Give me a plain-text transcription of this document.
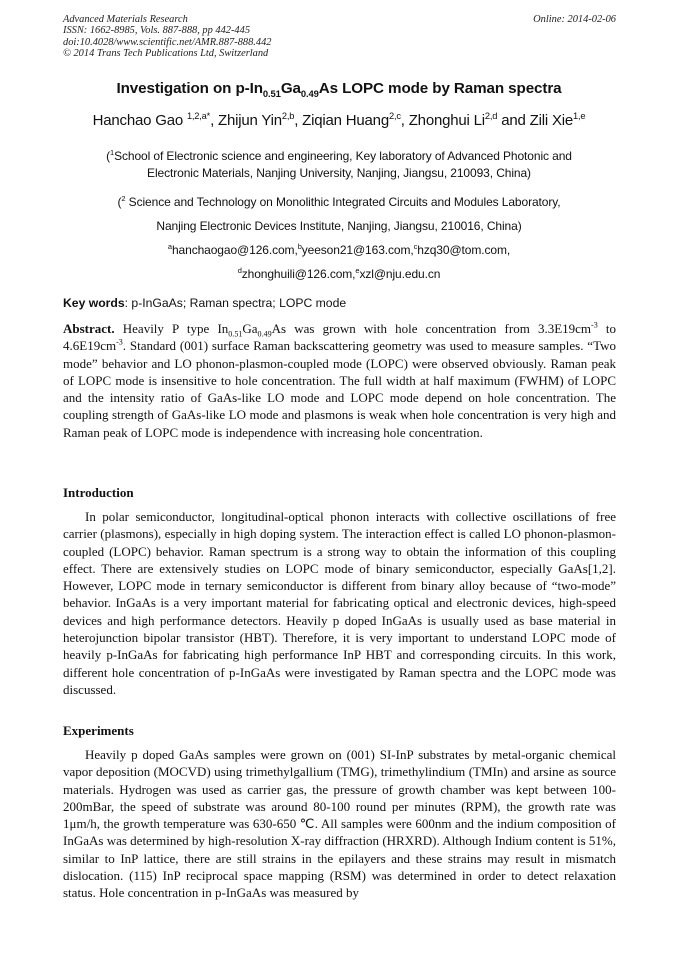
Advanced Materials Research
ISSN: 1662-8985, Vols. 887-888, pp 442-445
doi:10.4028/www.scientific.net/AMR.887-888.442
© 2014 Trans Tech Publications Ltd, Switzerland
Online: 2014-02-06
Investigation on $p-In_{0.51}Ga_{0.49}As$ LOPC mode by Raman spectra
Hanchao Gao $^{1,2,a*}$, Zhijun Yin$^{2,b}$, Ziqian Huang$^{2,c}$, Zhonghui Li$^{2,d}$ and Zili Xie$^{1,e}$
($^1$School of Electronic science and engineering, Key laboratory of Advanced Photonic and
Electronic Materials, Nanjing University, Nanjing, Jiangsu, 210093, China)
($^2$ Science and Technology on Monolithic Integrated Circuits and Modules Laboratory,
Nanjing Electronic Devices Institute, Nanjing, Jiangsu, 210016, China)
$^a$hanchaogao@126.com,$^b$yeeson21@163.com,$^c$hzq30@tom.com,
$^d$zhonghuili@126.com,$^e$xzl@nju.edu.cn
Key words: p-InGaAs; Raman spectra; LOPC mode
Abstract. Heavily P type $In_{0.51}Ga_{0.49}As$ was grown with hole concentration from $3.3E19cm^{-3}$ to $4.6E19cm^{-3}$. Standard (001) surface Raman backscattering geometry was used to measure samples. “Two mode” behavior and LO phonon-plasmon-coupled mode (LOPC) were observed obviously. Raman peak of LOPC mode is insensitive to hole concentration. The full width at half maximum (FWHM) of LOPC and the intensity ratio of GaAs-like LO mode and LOPC mode depend on hole concentration. The coupling strength of GaAs-like LO mode and plasmons is weak when hole concentration is very high and Raman peak of LOPC mode is independence with increasing hole concentration.
Introduction
In polar semiconductor, longitudinal-optical phonon interacts with collective oscillations of free carrier (plasmons), especially in high doping system. The interaction effect is called LO phonon-plasmon-coupled (LOPC) behavior. Raman spectrum is a strong way to obtain the information of this coupling effect. There are extensively studies on LOPC mode of binary semiconductor, especially GaAs[1,2]. However, LOPC mode in ternary semiconductor is different from binary alloy because of “two-mode” behavior. InGaAs is a very important material for fabricating optical and electronic devices, high-speed devices and high performance detectors. Heavily p doped InGaAs is usually used as base material in heterojunction bipolar transistor (HBT). Therefore, it is very important to understand LOPC mode of heavily p-InGaAs for fabricating high performance InP HBT and corresponding circuits. In this work, different hole concentration of p-InGaAs were investigated by Raman spectra and the LOPC mode was discussed.
Experiments
Heavily p doped GaAs samples were grown on (001) SI-InP substrates by metal-organic chemical vapor deposition (MOCVD) using trimethylgallium (TMG), trimethylindium (TMIn) and arsine as source materials. Hydrogen was used as carrier gas, the pressure of growth chamber was kept between 100-200mBar, the speed of substrate was around 80-100 round per minutes (RPM), the growth rate was 1μm/h, the growth temperature was 630-650 ℃. All samples were 600nm and the indium composition of InGaAs was determined by high-resolution X-ray diffraction (HRXRD). Although Indium content is 51%, similar to InP lattice, there are still strains in the epilayers and these strains may result in mismatch dislocation. (115) InP reciprocal space mapping (RSM) was determined in order to detect relaxation status. Hole concentration in p-InGaAs was measured by
